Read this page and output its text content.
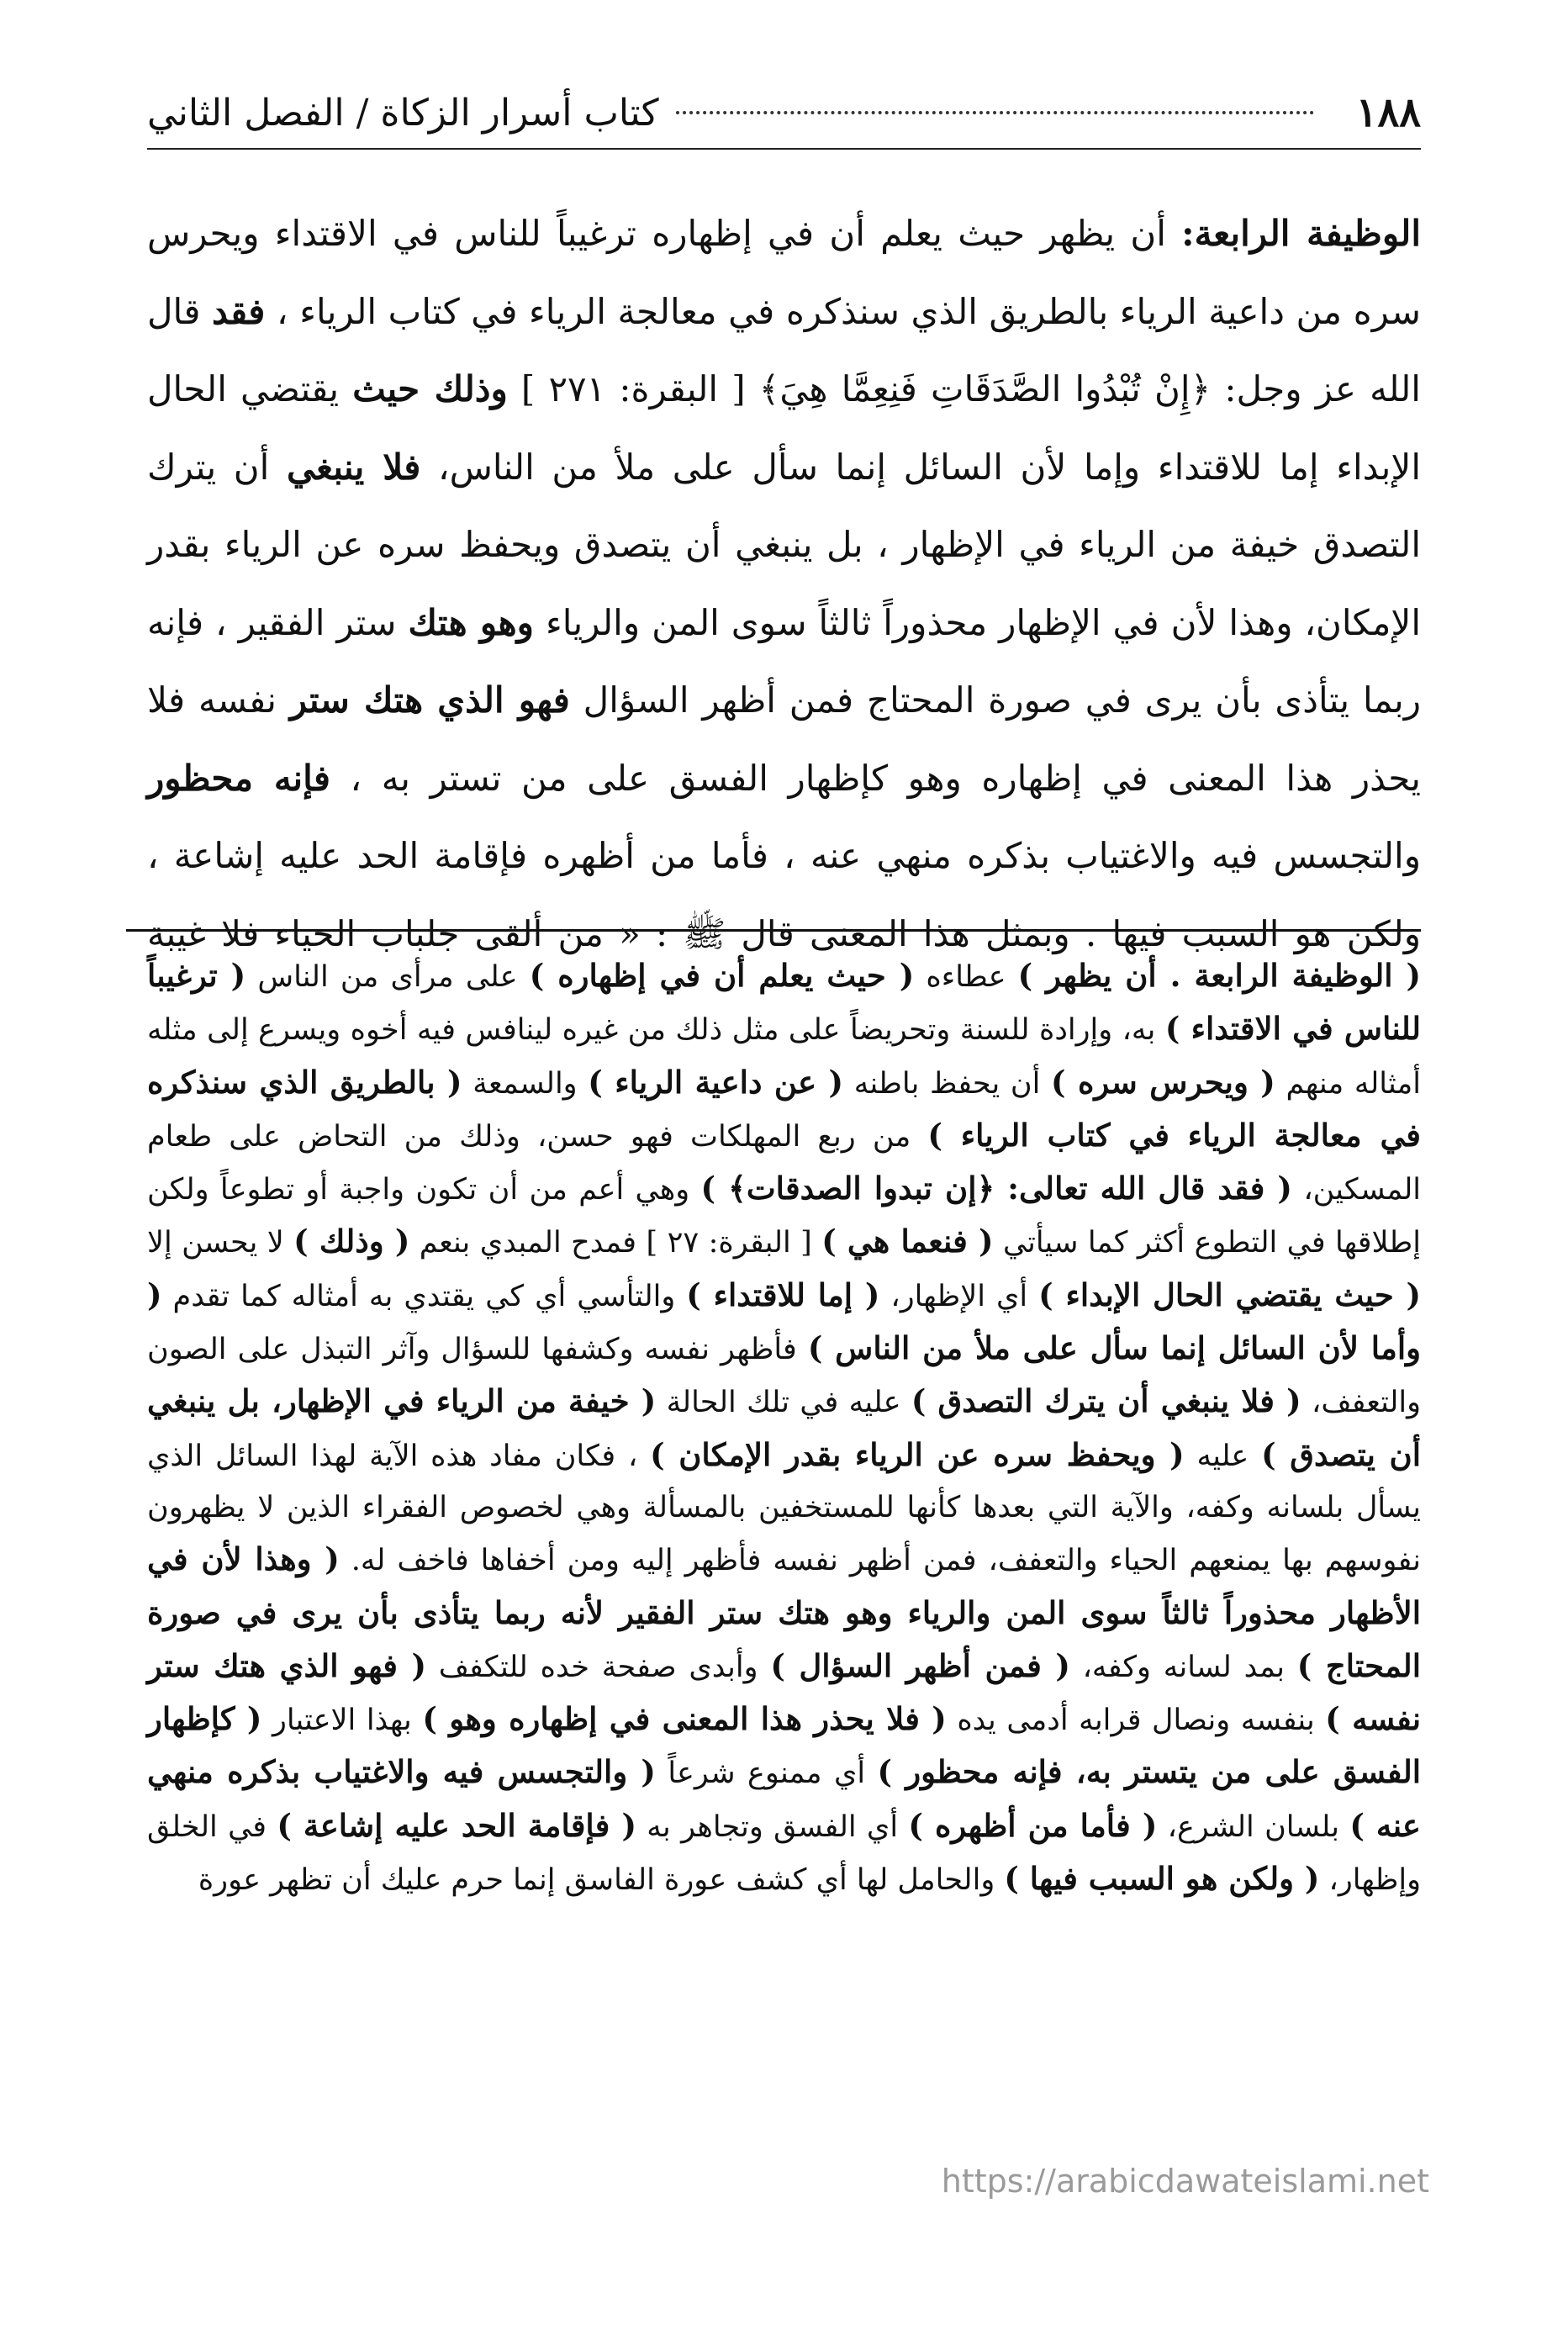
١٨٨
كتاب أسرار الزكاة / الفصل الثاني

الوظيفة الرابعة: أن يظهر حيث يعلم أن في إظهاره ترغيباً للناس في الاقتداء ويحرس سره من داعية الرياء بالطريق الذي سنذكره في معالجة الرياء في كتاب الرياء ، فقد قال الله عز وجل: ﴿إِنْ تُبْدُوا الصَّدَقَاتِ فَنِعِمَّا هِيَ﴾ [ البقرة: ٢٧١ ] وذلك حيث يقتضي الحال الإبداء إما للاقتداء وإما لأن السائل إنما سأل على ملأ من الناس، فلا ينبغي أن يترك التصدق خيفة من الرياء في الإظهار ، بل ينبغي أن يتصدق ويحفظ سره عن الرياء بقدر الإمكان، وهذا لأن في الإظهار محذوراً ثالثاً سوى المن والرياء وهو هتك ستر الفقير ، فإنه ربما يتأذى بأن يرى في صورة المحتاج فمن أظهر السؤال فهو الذي هتك ستر نفسه فلا يحذر هذا المعنى في إظهاره وهو كإظهار الفسق على من تستر به ، فإنه محظور والتجسس فيه والاغتياب بذكره منهي عنه ، فأما من أظهره فإقامة الحد عليه إشاعة ، ولكن هو السبب فيها . وبمثل هذا المعنى قال ﷺ : « من ألقى جلباب الحياء فلا غيبة

( الوظيفة الرابعة . أن يظهر ) عطاءه ( حيث يعلم أن في إظهاره ) على مرأى من الناس ( ترغيباً للناس في الاقتداء ) به، وإرادة للسنة وتحريضاً على مثل ذلك من غيره لينافس فيه أخوه ويسرع إلى مثله أمثاله منهم ( ويحرس سره ) أن يحفظ باطنه ( عن داعية الرياء ) والسمعة ( بالطريق الذي سنذكره في معالجة الرياء في كتاب الرياء ) من ربع المهلكات فهو حسن، وذلك من التحاض على طعام المسكين، ( فقد قال الله تعالى: ﴿إن تبدوا الصدقات﴾ ) وهي أعم من أن تكون واجبة أو تطوعاً ولكن إطلاقها في التطوع أكثر كما سيأتي ( فنعما هي ) [ البقرة: ٢٧ ] فمدح المبدي بنعم ( وذلك ) لا يحسن إلا ( حيث يقتضي الحال الإبداء ) أي الإظهار، ( إما للاقتداء ) والتأسي أي كي يقتدي به أمثاله كما تقدم ( وأما لأن السائل إنما سأل على ملأ من الناس ) فأظهر نفسه وكشفها للسؤال وآثر التبذل على الصون والتعفف، ( فلا ينبغي أن يترك التصدق ) عليه في تلك الحالة ( خيفة من الرياء في الإظهار، بل ينبغي أن يتصدق ) عليه ( ويحفظ سره عن الرياء بقدر الإمكان ) ، فكان مفاد هذه الآية لهذا السائل الذي يسأل بلسانه وكفه، والآية التي بعدها كأنها للمستخفين بالمسألة وهي لخصوص الفقراء الذين لا يظهرون نفوسهم بها يمنعهم الحياء والتعفف، فمن أظهر نفسه فأظهر إليه ومن أخفاها فاخف له. ( وهذا لأن في الأظهار محذوراً ثالثاً سوى المن والرياء وهو هتك ستر الفقير لأنه ربما يتأذى بأن يرى في صورة المحتاج ) بمد لسانه وكفه، ( فمن أظهر السؤال ) وأبدى صفحة خده للتكفف ( فهو الذي هتك ستر نفسه ) بنفسه ونصال قرابه أدمى يده ( فلا يحذر هذا المعنى في إظهاره وهو ) بهذا الاعتبار ( كإظهار الفسق على من يتستر به، فإنه محظور ) أي ممنوع شرعاً ( والتجسس فيه والاغتياب بذكره منهي عنه ) بلسان الشرع، ( فأما من أظهره ) أي الفسق وتجاهر به ( فإقامة الحد عليه إشاعة ) في الخلق وإظهار، ( ولكن هو السبب فيها ) والحامل لها أي كشف عورة الفاسق إنما حرم عليك أن تظهر عورة

https://arabicdawateislami.net
